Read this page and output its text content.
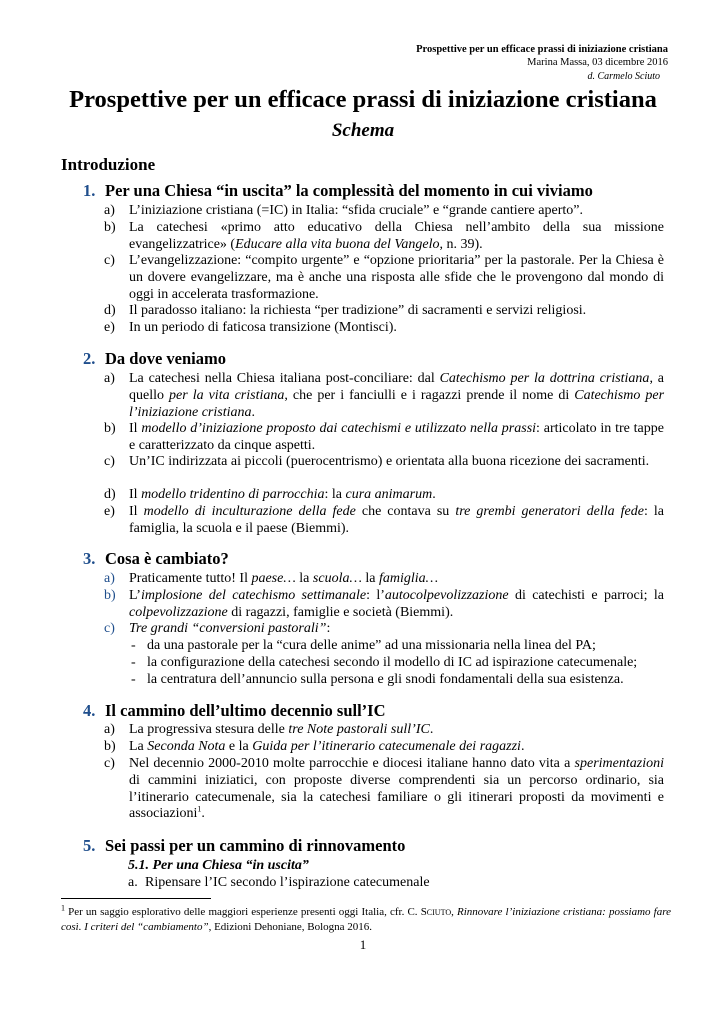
Prospettive per un efficace prassi di iniziazione cristiana
Marina Massa, 03 dicembre 2016
d. Carmelo Sciuto
Prospettive per un efficace prassi di iniziazione cristiana
Schema
Introduzione
1. Per una Chiesa “in uscita” la complessità del momento in cui viviamo
a) L’iniziazione cristiana (=IC) in Italia: “sfida cruciale” e “grande cantiere aperto”.
b) La catechesi «primo atto educativo della Chiesa nell’ambito della sua missione evangelizzatrice» (Educare alla vita buona del Vangelo, n. 39).
c) L’evangelizzazione: “compito urgente” e “opzione prioritaria” per la pastorale. Per la Chiesa è un dovere evangelizzare, ma è anche una risposta alle sfide che le provengono dal mondo di oggi in accelerata trasformazione.
d) Il paradosso italiano: la richiesta “per tradizione” di sacramenti e servizi religiosi.
e) In un periodo di faticosa transizione (Montisci).
2. Da dove veniamo
a) La catechesi nella Chiesa italiana post-conciliare: dal Catechismo per la dottrina cristiana, a quello per la vita cristiana, che per i fanciulli e i ragazzi prende il nome di Catechismo per l’iniziazione cristiana.
b) Il modello d’iniziazione proposto dai catechismi e utilizzato nella prassi: articolato in tre tappe e caratterizzato da cinque aspetti.
c) Un’IC indirizzata ai piccoli (puerocentrismo) e orientata alla buona ricezione dei sacramenti.
d) Il modello tridentino di parrocchia: la cura animarum.
e) Il modello di inculturazione della fede che contava su tre grembi generatori della fede: la famiglia, la scuola e il paese (Biemmi).
3. Cosa è cambiato?
a) Praticamente tutto! Il paese… la scuola… la famiglia…
b) L’implosione del catechismo settimanale: l’autocolpevolizzazione di catechisti e parroci; la colpevolizzazione di ragazzi, famiglie e società (Biemmi).
c) Tre grandi “conversioni pastorali”:
- da una pastorale per la “cura delle anime” ad una missionaria nella linea del PA;
- la configurazione della catechesi secondo il modello di IC ad ispirazione catecumenale;
- la centratura dell’annuncio sulla persona e gli snodi fondamentali della sua esistenza.
4. Il cammino dell’ultimo decennio sull’IC
a) La progressiva stesura delle tre Note pastorali sull’IC.
b) La Seconda Nota e la Guida per l’itinerario catecumenale dei ragazzi.
c) Nel decennio 2000-2010 molte parrocchie e diocesi italiane hanno dato vita a sperimentazioni di cammini iniziatici, con proposte diverse comprendenti sia un percorso ordinario, sia l’itinerario catecumenale, sia la catechesi familiare o gli itinerari proposti da movimenti e associazioni$^1$.
5. Sei passi per un cammino di rinnovamento
5.1. Per una Chiesa “in uscita”
a. Ripensare l’IC secondo l’ispirazione catecumenale
$^1$ Per un saggio esplorativo delle maggiori esperienze presenti oggi Italia, cfr. C. Sciuto, Rinnovare l’iniziazione cristiana: possiamo fare così. I criteri del “cambiamento”, Edizioni Dehoniane, Bologna 2016.
1
